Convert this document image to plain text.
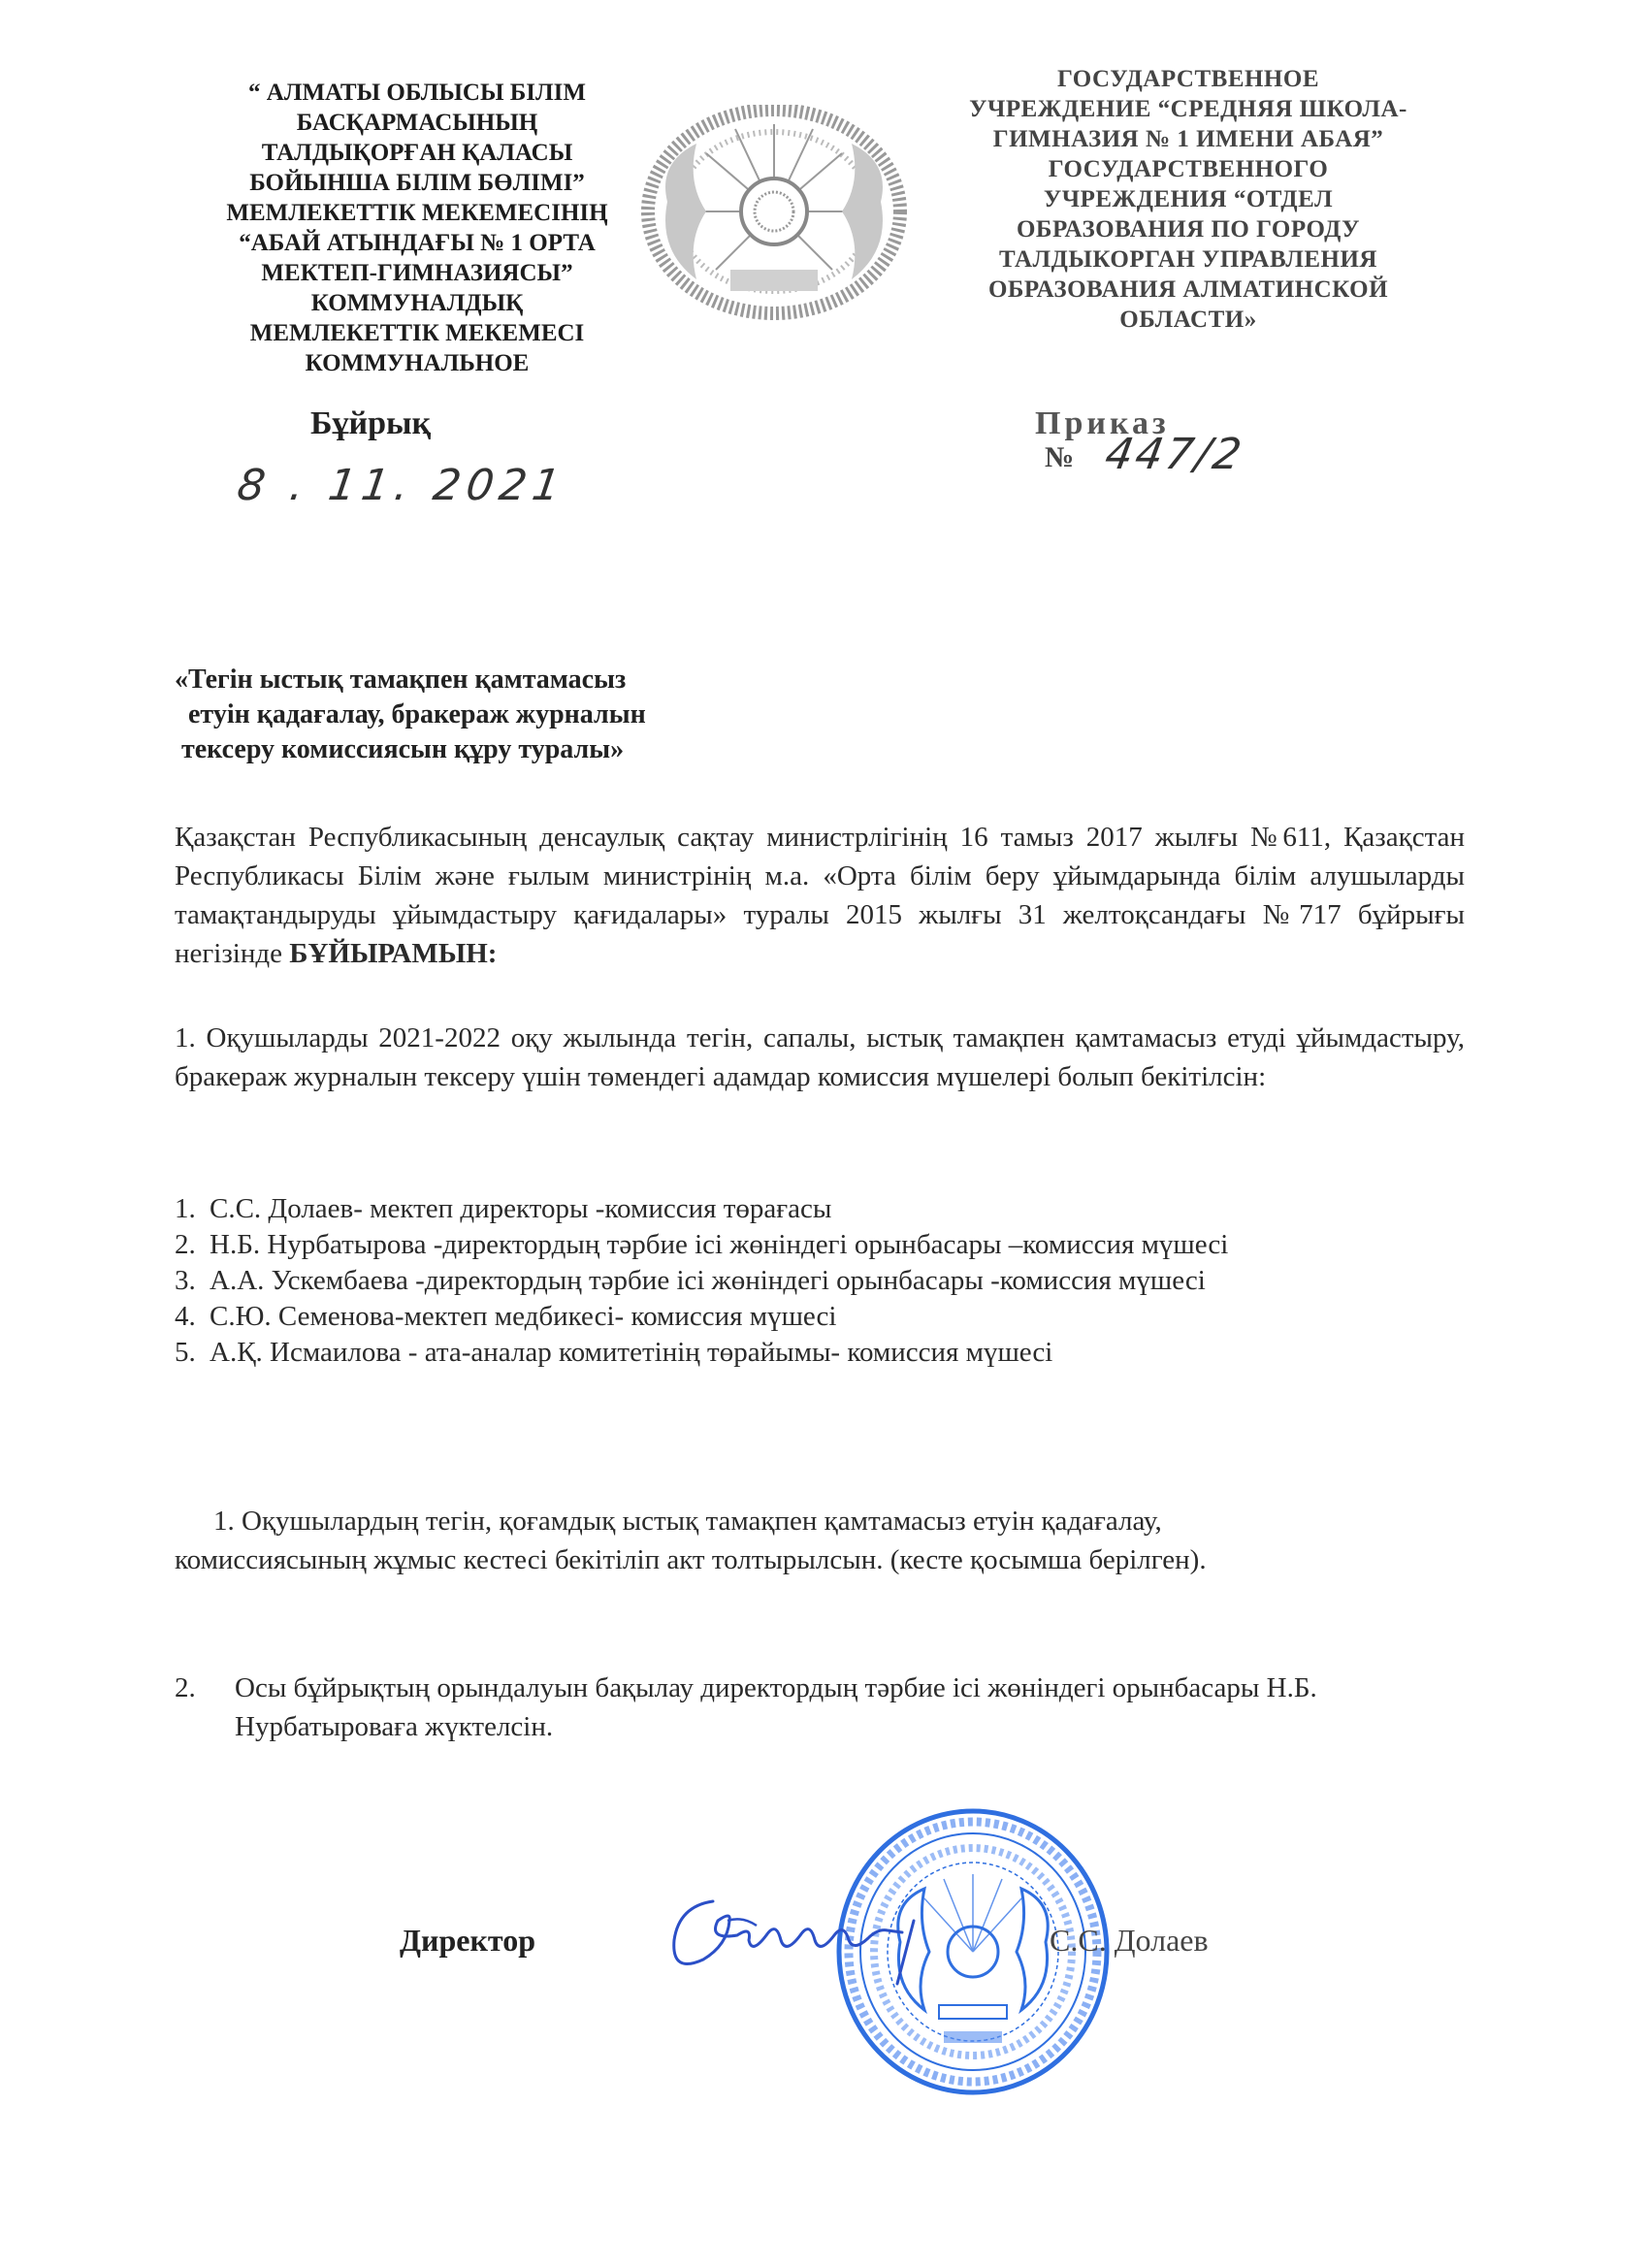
“ АЛМАТЫ ОБЛЫСЫ БІЛІМ
БАСҚАРМАСЫНЫҢ
ТАЛДЫҚОРҒАН ҚАЛАСЫ
БОЙЫНША БІЛІМ БӨЛІМІ”
МЕМЛЕКЕТТІК МЕКЕМЕСІНІҢ
“АБАЙ АТЫНДАҒЫ № 1 ОРТА
МЕКТЕП-ГИМНАЗИЯСЫ”
КОММУНАЛДЫҚ
МЕМЛЕКЕТТІК МЕКЕМЕСІ
КОММУНАЛЬНОЕ
ГОСУДАРСТВЕННОЕ
УЧРЕЖДЕНИЕ “СРЕДНЯЯ ШКОЛА-
ГИМНАЗИЯ № 1 ИМЕНИ АБАЯ”
ГОСУДАРСТВЕННОГО
УЧРЕЖДЕНИЯ “ОТДЕЛ
ОБРАЗОВАНИЯ ПО ГОРОДУ
ТАЛДЫКОРГАН УПРАВЛЕНИЯ
ОБРАЗОВАНИЯ АЛМАТИНСКОЙ
ОБЛАСТИ»
Бұйрық
8 . 11. 2021
Приказ
№ 447/2
«Тегін ыстық тамақпен қамтамасыз
етуін қадағалау, бракераж журналын
тексеру комиссиясын құру туралы»
Қазақстан Республикасының денсаулық сақтау министрлігінің 16 тамыз 2017 жылғы №611, Қазақстан Республикасы Білім және ғылым министрінің м.а. «Орта білім беру ұйымдарында білім алушыларды тамақтандыруды ұйымдастыру қағидалары» туралы 2015 жылғы 31 желтоқсандағы №717 бұйрығы негізінде БҰЙЫРАМЫН:
1. Оқушыларды 2021-2022 оқу жылында тегін, сапалы, ыстық тамақпен қамтамасыз етуді ұйымдастыру, бракераж журналын тексеру үшін төмендегі адамдар комиссия мүшелері болып бекітілсін:
1. С.С. Долаев- мектеп директоры -комиссия төрағасы
2. Н.Б. Нурбатырова -директордың тәрбие ісі жөніндегі орынбасары –комиссия мүшесі
3. А.А. Ускембаева -директордың тәрбие ісі жөніндегі орынбасары -комиссия мүшесі
4. С.Ю. Семенова-мектеп медбикесі- комиссия мүшесі
5. А.Қ. Исмаилова - ата-аналар комитетінің төрайымы- комиссия мүшесі
1. Оқушылардың тегін, қоғамдық ыстық тамақпен қамтамасыз етуін қадағалау,
комиссиясының жұмыс кестесі бекітіліп акт толтырылсын. (кесте қосымша берілген).
2.	Осы бұйрықтың орындалуын бақылау директордың тәрбие ісі жөніндегі орынбасары Н.Б. Нурбатыроваға жүктелсін.
Директор	С.С. Долаев
